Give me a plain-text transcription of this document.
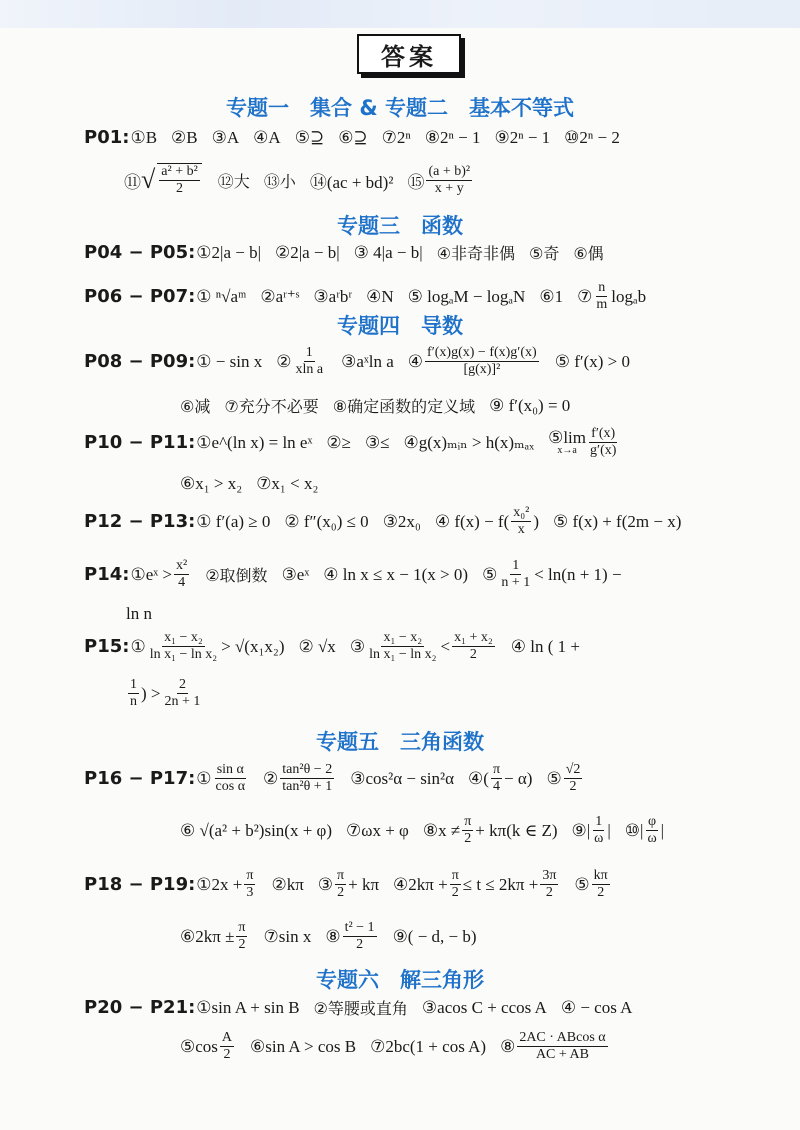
答案
专题一　集合 & 专题二　基本不等式
P01: ①B ②B ③A ④A ⑤⊇ ⑥⊇ ⑦2ⁿ ⑧2ⁿ − 1 ⑨2ⁿ − 1 ⑩2ⁿ − 2
⑪ √ $\frac{\text{a² + b²}}{2}$ ⑫大 ⑬小 ⑭(ac + bd)² ⑮ $\frac{\text{(a + b)²}}{x + y}$
专题三　函数
P04 − P05: ①2|a − b| ②2|a − b| ③ 4|a − b| ④非奇非偶 ⑤奇 ⑥偶
P06 − P07: ① ⁿ√aᵐ ②aʳ⁺ˢ ③aʳbʳ ④N ⑤ logₐM − logₐN ⑥1 ⑦ $\frac{n}{m}$ logₐb
专题四　导数
P08 − P09: ① − sin x ② $\frac{1}{\text{xln a}}$ ③aˣln a ④ $\frac{f'(x)g(x) - f(x)g'(x)}{\text{[g(x)]²}}$ ⑤ f′(x) > 0
⑥减 ⑦充分不必要 ⑧确定函数的定义域 ⑨ f′(x₀) = 0
P10 − P11: ①e^(ln x) = ln eˣ ②≥ ③≤ ④g(x)ₘᵢₙ > h(x)ₘₐₓ ⑤lim
$x\to a \frac{f'(x)}{g'(x)}$
⑥x₁ > x₂ ⑦x₁ < x₂
P12 − P13: ① f′(a) ≥ 0 ② f″(x₀) ≤ 0 ③2x₀ ④ $f(x) - f( \frac{\text{x₀²}}{x}$ ) ⑤ f(x) + f(2m − x)
P14: ①eˣ > $\frac{\text{x²}}{4}$ ②取倒数 ③eˣ ④ ln x ≤ x − 1(x > 0) ⑤ $\frac{1}{n + 1} < \ln(n + 1)$ −
ln n
P15: ① $\frac{\text{x₁ − x₂}}{\text{ln x₁ − ln x₂}} > √(x_1x_2)$ ② √x ③ $\frac{\text{x₁ − x₂}}{\text{ln x₁ − ln x₂}} < \frac{\text{x₁ + x₂}}{2}$ ④ ln ( 1 +
$\frac{1}{n}$ ) > $\frac{2}{2n + 1}$
专题五　三角函数
P16 − P17: ① $\frac{\text{sin α}}{\text{cos α}}$ ② $\frac{\text{tan²θ − 2}}{\text{tan²θ + 1}}$ ③cos²α − sin²α ④( $\frac{\pi}{4} - \alpha$) ⑤ $\frac{√2}{2}$
⑥ √(a² + b²)sin(x + φ) ⑦ωx + φ ⑧x ≠ $\frac{\pi}{2} + k\pi(k$ ∈ Z) ⑨| $\frac{1}{\omega}$ | ⑩| $\frac{\varphi}{\omega}$ |
P18 − P19: ①2x + $\frac{\pi}{3}$ ②kπ ③ $\frac{\pi}{2} + k\pi$ ④2kπ + $\frac{\pi}{2} \le t \le 2k\pi + \frac{3\pi}{2}$ ⑤ $\frac{k\pi}{2}$
⑥2kπ ± $\frac{\pi}{2}$ ⑦sin x ⑧ $\frac{\text{t² − 1}}{2}$ ⑨( − d, − b)
专题六　解三角形
P20 − P21: ①sin A + sin B ②等腰或直角 ③acos C + ccos A ④ − cos A
⑤cos $\frac{A}{2}$ ⑥sin A > cos B ⑦2bc(1 + cos A) ⑧ $\frac{\text{2AC · ABcos α}}{AC + AB}$
